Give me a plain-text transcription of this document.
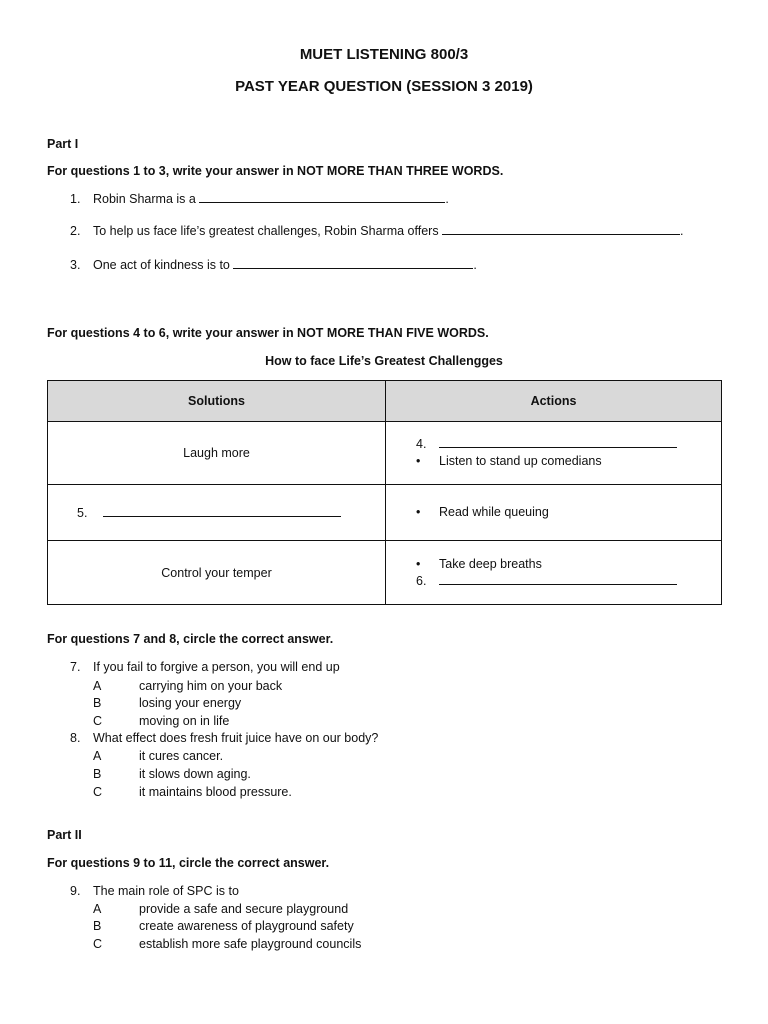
MUET LISTENING 800/3
PAST YEAR QUESTION (SESSION 3 2019)
Part I
For questions 1 to 3, write your answer in NOT MORE THAN THREE WORDS.
1. Robin Sharma is a	.
2. To help us face life’s greatest challenges, Robin Sharma offers	.
3. One act of kindness is to	.
For questions 4 to 6, write your answer in NOT MORE THAN FIVE WORDS.
How to face Life’s Greatest Challengges
Solutions	Actions
Laugh more	4.
• Listen to stand up comedians

5.	• Read while queuing

Control your temper	• Take deep breaths
6.
For questions 7 and 8, circle the correct answer.
7. If you fail to forgive a person, you will end up
A	carrying him on your back
B	losing your energy
C	moving on in life
8. What effect does fresh fruit juice have on our body?
A	it cures cancer.
B	it slows down aging.
C	it maintains blood pressure.
Part II
For questions 9 to 11, circle the correct answer.
9. The main role of SPC is to
A	provide a safe and secure playground
B	create awareness of playground safety
C	establish more safe playground councils
